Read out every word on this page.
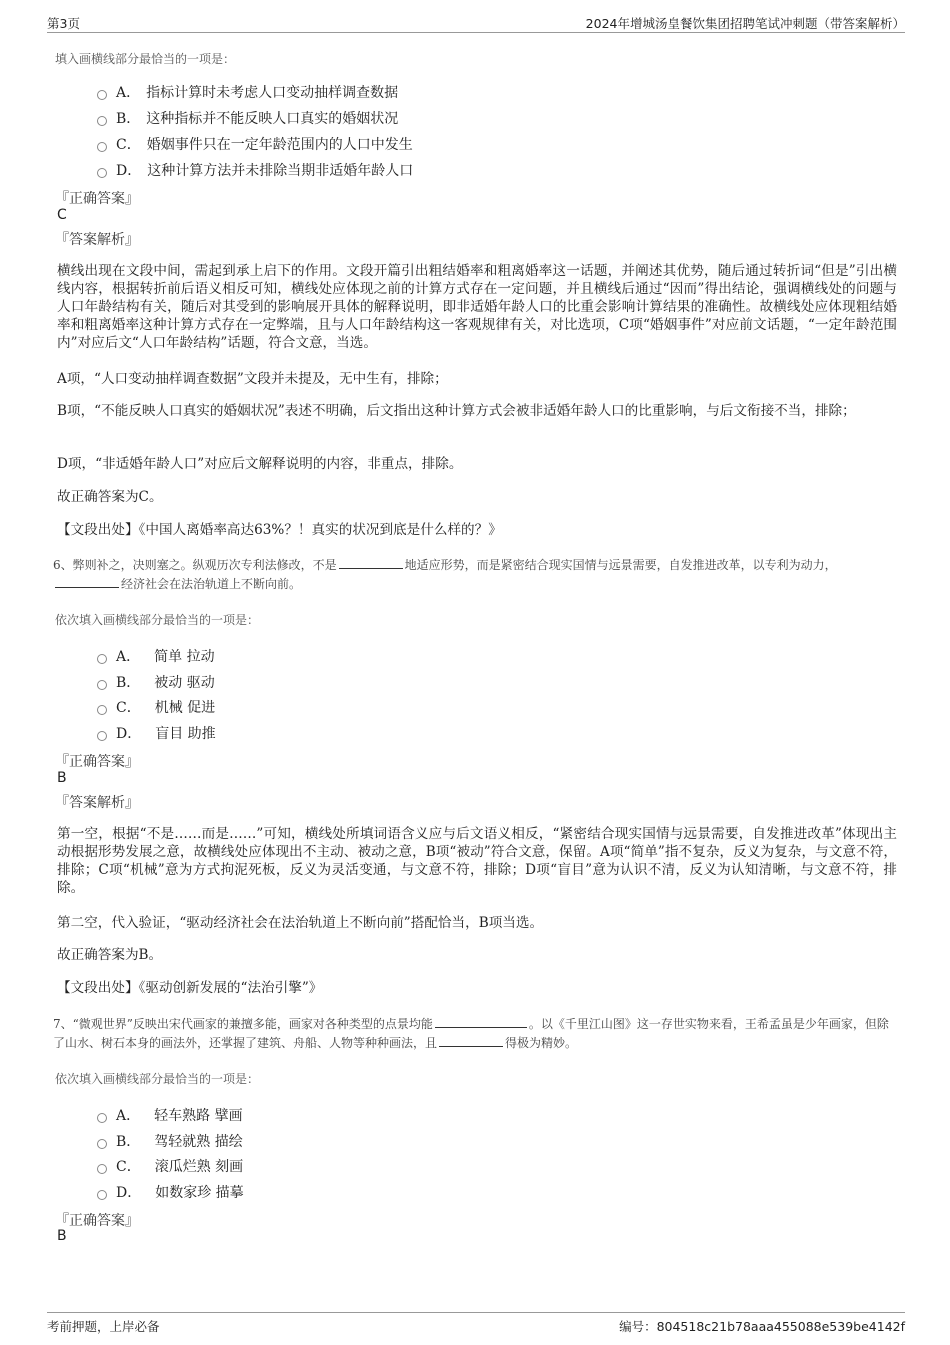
第3页	2024年增城汤皇餐饮集团招聘笔试冲刺题（带答案解析）
填入画横线部分最恰当的一项是：
A． 指标计算时未考虑人口变动抽样调查数据
B． 这种指标并不能反映人口真实的婚姻状况
C． 婚姻事件只在一定年龄范围内的人口中发生
D． 这种计算方法并未排除当期非适婚年龄人口
『正确答案』
C
『答案解析』
横线出现在文段中间，需起到承上启下的作用。文段开篇引出粗结婚率和粗离婚率这一话题，并阐述其优势，随后通过转折词“但是”引出横线内容，根据转折前后语义相反可知，横线处应体现之前的计算方式存在一定问题，并且横线后通过“因而”得出结论，强调横线处的问题与人口年龄结构有关，随后对其受到的影响展开具体的解释说明，即非适婚年龄人口的比重会影响计算结果的准确性。故横线处应体现粗结婚率和粗离婚率这种计算方式存在一定弊端，且与人口年龄结构这一客观规律有关，对比选项，C项“婚姻事件”对应前文话题，“一定年龄范围内”对应后文“人口年龄结构”话题，符合文意，当选。
A项，“人口变动抽样调查数据”文段并未提及，无中生有，排除；
B项，“不能反映人口真实的婚姻状况”表述不明确，后文指出这种计算方式会被非适婚年龄人口的比重影响，与后文衔接不当，排除；
D项，“非适婚年龄人口”对应后文解释说明的内容，非重点，排除。
故正确答案为C。
【文段出处】《中国人离婚率高达63%？！真实的状况到底是什么样的？》
6、弊则补之，决则塞之。纵观历次专利法修改，不是	地适应形势，而是紧密结合现实国情与远景需要，自发推进改革，以专利为动力，经济社会在法治轨道上不断向前。
依次填入画横线部分最恰当的一项是：
A． 简单 拉动
B． 被动 驱动
C． 机械 促进
D． 盲目 助推
『正确答案』
B
『答案解析』
第一空，根据“不是……而是……”可知，横线处所填词语含义应与后文语义相反，“紧密结合现实国情与远景需要，自发推进改革”体现出主动根据形势发展之意，故横线处应体现出不主动、被动之意，B项“被动”符合文意，保留。A项“简单”指不复杂，反义为复杂，与文意不符，排除；C项“机械”意为方式拘泥死板，反义为灵活变通，与文意不符，排除；D项“盲目”意为认识不清，反义为认知清晰，与文意不符，排除。
第二空，代入验证，“驱动经济社会在法治轨道上不断向前”搭配恰当，B项当选。
故正确答案为B。
【文段出处】《驱动创新发展的“法治引擎”》
7、“微观世界”反映出宋代画家的兼擅多能，画家对各种类型的点景均能	。以《千里江山图》这一存世实物来看，王希孟虽是少年画家，但除了山水、树石本身的画法外，还掌握了建筑、舟船、人物等种种画法，且	得极为精妙。
依次填入画横线部分最恰当的一项是：
A． 轻车熟路 擘画
B． 驾轻就熟 描绘
C． 滚瓜烂熟 刻画
D． 如数家珍 描摹
『正确答案』
B
考前押题，上岸必备	编号：804518c21b78aaa455088e539be4142f
